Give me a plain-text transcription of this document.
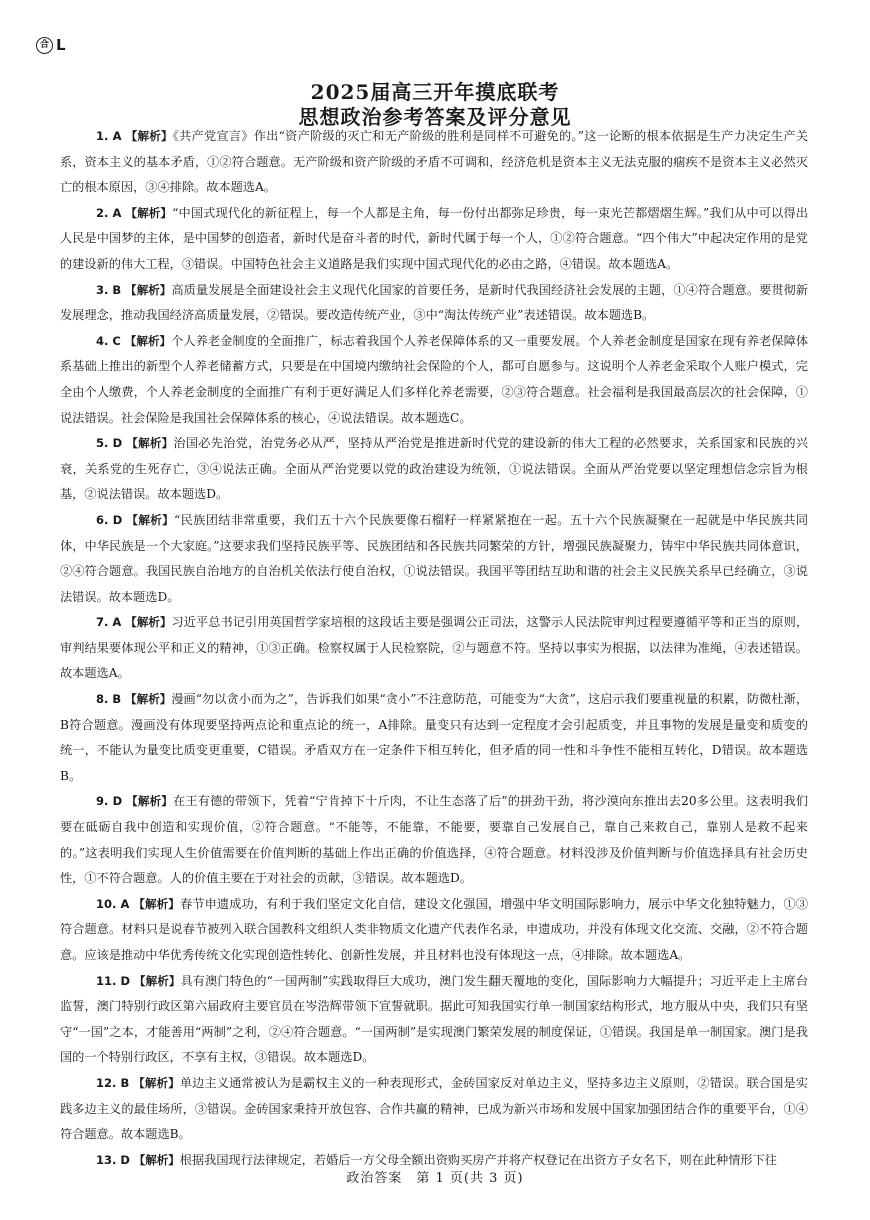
合 L
2025届高三开年摸底联考
思想政治参考答案及评分意见

1. A 【解析】《共产党宣言》作出“资产阶级的灭亡和无产阶级的胜利是同样不可避免的。”这一论断的根本依据是生产力决定生产关系，资本主义的基本矛盾，①②符合题意。无产阶级和资产阶级的矛盾不可调和，经济危机是资本主义无法克服的痼疾不是资本主义必然灭亡的根本原因，③④排除。故本题选A。

2. A 【解析】“中国式现代化的新征程上，每一个人都是主角，每一份付出都弥足珍贵，每一束光芒都熠熠生辉。”我们从中可以得出人民是中国梦的主体，是中国梦的创造者，新时代是奋斗者的时代，新时代属于每一个人，①②符合题意。“四个伟大”中起决定作用的是党的建设新的伟大工程，③错误。中国特色社会主义道路是我们实现中国式现代化的必由之路，④错误。故本题选A。

3. B 【解析】高质量发展是全面建设社会主义现代化国家的首要任务，是新时代我国经济社会发展的主题，①④符合题意。要贯彻新发展理念，推动我国经济高质量发展，②错误。要改造传统产业，③中“淘汰传统产业”表述错误。故本题选B。

4. C 【解析】个人养老金制度的全面推广，标志着我国个人养老保障体系的又一重要发展。个人养老金制度是国家在现有养老保障体系基础上推出的新型个人养老储蓄方式，只要是在中国境内缴纳社会保险的个人，都可自愿参与。这说明个人养老金采取个人账户模式，完全由个人缴费，个人养老金制度的全面推广有利于更好满足人们多样化养老需要，②③符合题意。社会福利是我国最高层次的社会保障，①说法错误。社会保险是我国社会保障体系的核心，④说法错误。故本题选C。

5. D 【解析】治国必先治党，治党务必从严，坚持从严治党是推进新时代党的建设新的伟大工程的必然要求，关系国家和民族的兴衰，关系党的生死存亡，③④说法正确。全面从严治党要以党的政治建设为统领，①说法错误。全面从严治党要以坚定理想信念宗旨为根基，②说法错误。故本题选D。

6. D 【解析】“民族团结非常重要，我们五十六个民族要像石榴籽一样紧紧抱在一起。五十六个民族凝聚在一起就是中华民族共同体，中华民族是一个大家庭。”这要求我们坚持民族平等、民族团结和各民族共同繁荣的方针，增强民族凝聚力，铸牢中华民族共同体意识，②④符合题意。我国民族自治地方的自治机关依法行使自治权，①说法错误。我国平等团结互助和谐的社会主义民族关系早已经确立，③说法错误。故本题选D。

7. A 【解析】习近平总书记引用英国哲学家培根的这段话主要是强调公正司法，这警示人民法院审判过程要遵循平等和正当的原则，审判结果要体现公平和正义的精神，①③正确。检察权属于人民检察院，②与题意不符。坚持以事实为根据，以法律为准绳，④表述错误。故本题选A。

8. B 【解析】漫画“勿以贪小而为之”，告诉我们如果“贪小”不注意防范，可能变为“大贪”，这启示我们要重视量的积累，防微杜渐，B符合题意。漫画没有体现要坚持两点论和重点论的统一，A排除。量变只有达到一定程度才会引起质变，并且事物的发展是量变和质变的统一，不能认为量变比质变更重要，C错误。矛盾双方在一定条件下相互转化，但矛盾的同一性和斗争性不能相互转化，D错误。故本题选B。

9. D 【解析】在王有德的带领下，凭着“宁肯掉下十斤肉，不让生态落了后”的拼劲干劲，将沙漠向东推出去20多公里。这表明我们要在砥砺自我中创造和实现价值，②符合题意。“不能等，不能靠，不能要，要靠自己发展自己，靠自己来救自己，靠别人是救不起来的。”这表明我们实现人生价值需要在价值判断的基础上作出正确的价值选择，④符合题意。材料没涉及价值判断与价值选择具有社会历史性，①不符合题意。人的价值主要在于对社会的贡献，③错误。故本题选D。

10. A 【解析】春节申遗成功，有利于我们坚定文化自信，建设文化强国，增强中华文明国际影响力，展示中华文化独特魅力，①③符合题意。材料只是说春节被列入联合国教科文组织人类非物质文化遗产代表作名录，申遗成功，并没有体现文化交流、交融，②不符合题意。应该是推动中华优秀传统文化实现创造性转化、创新性发展，并且材料也没有体现这一点，④排除。故本题选A。

11. D 【解析】具有澳门特色的“一国两制”实践取得巨大成功，澳门发生翻天覆地的变化，国际影响力大幅提升；习近平走上主席台监誓，澳门特别行政区第六届政府主要官员在岑浩辉带领下宣誓就职。据此可知我国实行单一制国家结构形式，地方服从中央，我们只有坚守“一国”之本，才能善用“两制”之利，②④符合题意。“一国两制”是实现澳门繁荣发展的制度保证，①错误。我国是单一制国家。澳门是我国的一个特别行政区，不享有主权，③错误。故本题选D。

12. B 【解析】单边主义通常被认为是霸权主义的一种表现形式，金砖国家反对单边主义，坚持多边主义原则，②错误。联合国是实践多边主义的最佳场所，③错误。金砖国家秉持开放包容、合作共赢的精神，已成为新兴市场和发展中国家加强团结合作的重要平台，①④符合题意。故本题选B。

13. D 【解析】根据我国现行法律规定，若婚后一方父母全额出资购买房产并将产权登记在出资方子女名下，则在此种情形下往

政治答案　第 1 页(共 3 页)
